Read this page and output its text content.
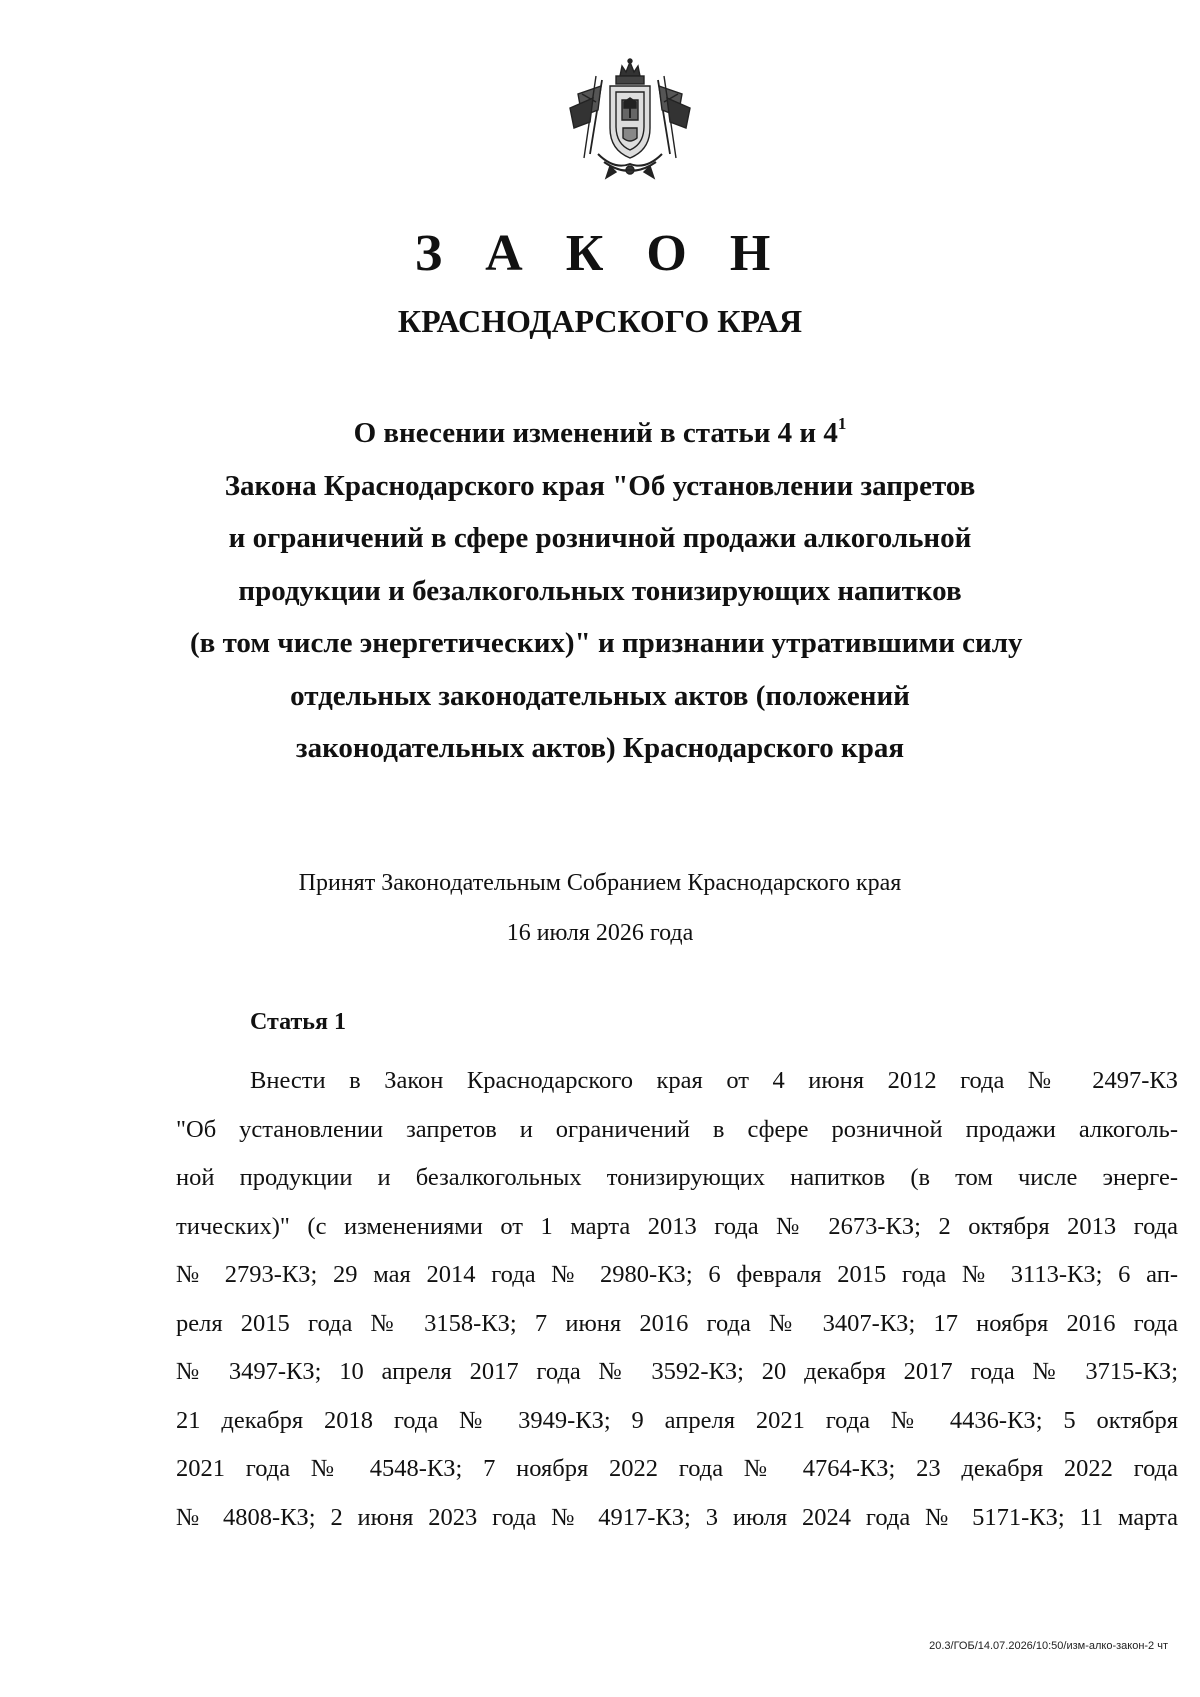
З А К О Н
КРАСНОДАРСКОГО КРАЯ
О внесении изменений в статьи 4 и $4^1$
Закона Краснодарского края "Об установлении запретов
и ограничений в сфере розничной продажи алкогольной
продукции и безалкогольных тонизирующих напитков
(в том числе энергетических)" и признании утратившими силу
отдельных законодательных актов (положений
законодательных актов) Краснодарского края
Принят Законодательным Собранием Краснодарского края
16 июля 2026 года
Статья 1
Внести в Закон Краснодарского края от 4 июня 2012 года № 2497-КЗ
"Об установлении запретов и ограничений в сфере розничной продажи алкоголь-
ной продукции и безалкогольных тонизирующих напитков (в том числе энерге-
тических)" (с изменениями от 1 марта 2013 года № 2673-КЗ; 2 октября 2013 года
№ 2793-КЗ; 29 мая 2014 года № 2980-КЗ; 6 февраля 2015 года № 3113-КЗ; 6 ап-
реля 2015 года № 3158-КЗ; 7 июня 2016 года № 3407-КЗ; 17 ноября 2016 года
№ 3497-КЗ; 10 апреля 2017 года № 3592-КЗ; 20 декабря 2017 года № 3715-КЗ;
21 декабря 2018 года № 3949-КЗ; 9 апреля 2021 года № 4436-КЗ; 5 октября
2021 года № 4548-КЗ; 7 ноября 2022 года № 4764-КЗ; 23 декабря 2022 года
№ 4808-КЗ; 2 июня 2023 года № 4917-КЗ; 3 июля 2024 года № 5171-КЗ; 11 марта
20.3/ГОБ/14.07.2026/10:50/изм-алко-закон-2 чт
